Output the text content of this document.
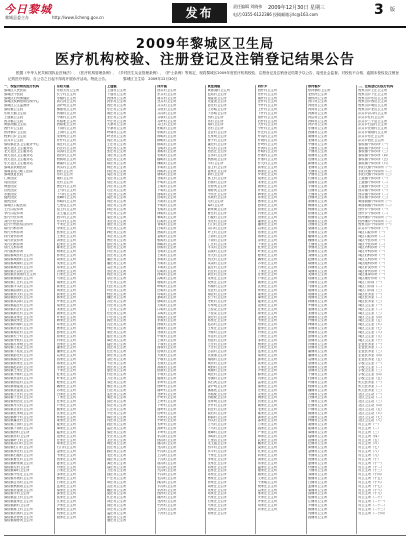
今日黎城
黎城县委主办	http://www.licheng.gov.cn	发布	责任编辑 刘晓伟
电话:0355-6122386 投稿邮箱:jrlc@163.com
2009年12月30日 星期三	3 版
2009年黎城区卫生局
医疗机构校验、注册登记及注销登记结果公告

根据《中华人民共和国执业医师法》、《医疗机构管理条例》、《乡村医生从业管理条例》、《护士条例》等规定，现将黎城区2009年度医疗机构校验、注册登记及注销登记结果予以公告，接受社会监督。对校验不合格、逾期未校验及注销登记的医疗机构，自公告之日起不得再开展诊疗活动。特此公告。　　　　黎城区卫生局　2009年12月30日

一、校验合格的医疗机构
黎城区人民医院
黎城区中医院
黎城区妇幼保健院
黎城区疾病预防控制中心
黎城区卫生监督所
黎侯镇卫生院
东阳关镇卫生院
上遥镇卫生院
西井镇卫生院
黄崖洞镇卫生院
西仵乡卫生院
停河铺乡卫生院
程家山乡卫生院
洪井乡卫生院
黎侯镇社区卫生服务中心
城关社区卫生服务站
北关社区卫生服务站
南关社区卫生服务站
西关社区卫生服务站
东关社区卫生服务站
黎城县铁路医院
黎城县电力职工医院
黎城康复医院
仁和医院
同济医院
博爱医院
济民医院
永康医院
健民医院
惠民医院
黎城区口腔医院
王氏口腔诊所
李氏口腔诊所
张氏中医诊所
刘氏中医诊所
赵氏中西医结合诊所
陈氏内科诊所
杨氏外科诊所
孙氏骨伤诊所
周氏针灸诊所
吴氏妇科诊所
郑氏儿科诊所
冯氏眼科诊所
黎侯镇城东村卫生所
黎侯镇城西村卫生所
黎侯镇城南村卫生所
黎侯镇城北村卫生所
黎侯镇古县村卫生所
黎侯镇北泉寨村卫生所
黎侯镇南陌村卫生所
黎侯镇仁庄村卫生所
黎侯镇平头村卫生所
黎侯镇清泉村卫生所
黎侯镇东关村卫生所
黎侯镇西关村卫生所
黎侯镇岚沟村卫生所
黎侯镇霞庄村卫生所
黎侯镇后庄村卫生所
黎侯镇新庄村卫生所
黎侯镇宋家庄卫生所
黎侯镇段家庄卫生所
黎侯镇河南村卫生所
黎侯镇北社村卫生所
黎侯镇南社村卫生所
黎侯镇长宁村卫生所
黎侯镇寺底村卫生所
黎侯镇苏家峧卫生所
黎侯镇上桂花卫生所
黎侯镇下桂花卫生所
黎侯镇彭庄村卫生所
黎侯镇源庄村卫生所
黎侯镇郭家庄卫生所
黎侯镇赵店村卫生所
黎侯镇王家庄卫生所
黎侯镇小寨村卫生所
黎侯镇东洼村卫生所
黎侯镇西洼村卫生所
黎侯镇南委泉卫生所
黎侯镇北委泉卫生所
黎侯镇上庄村卫生所
黎侯镇下庄村卫生所
黎侯镇柏官庄卫生所
黎侯镇车元村卫生所
黎侯镇正社村卫生所
黎侯镇孔家峧卫生所
黎侯镇桥子村卫生所
黎侯镇董北村卫生所
黎侯镇上湾村卫生所
黎侯镇下湾村卫生所
黎侯镇西村卫生所
黎侯镇东村卫生所
黎侯镇岭上村卫生所
黎侯镇沟口村卫生所
黎侯镇石门村卫生所
黎侯镇李庄村卫生所
黎侯镇石板村卫生所
黎侯镇曹庄村卫生所
黎侯镇靳家街卫生所
黎侯镇元村卫生所
黎侯镇谭村卫生所
黎侯镇小东庄卫生所
黎侯镇东坡村卫生所
黎侯镇吾乐村卫生所
黎侯镇秋树垣卫生所
黎侯镇北委泉卫生所
黎侯镇辛村卫生所
黎侯镇窑上村卫生所
黎侯镇崔家庄卫生所
黎侯镇新村卫生所
黎侯镇寨上村卫生所
黎侯镇后寨村卫生所
黎侯镇北停河卫生所
黎侯镇南停河卫生所
东阳关镇
东阳关村卫生所
长宁村卫生所
枣镇村卫生所
高石河卫生所
香炉峧卫生所
佛崖底卫生所
河南村卫生所
小寨村卫生所
东骆驼卫生所
西骆驼卫生所
下湾村卫生所
上湾村卫生所
吴家峧卫生所
仟仵村卫生所
前庄村卫生所
后庄村卫生所
岚沟村卫生所
看后村卫生所
秋树垣卫生所
靳曲村卫生所
河头村卫生所
西村卫生所
东村卫生所
南村卫生所
北村卫生所
曹庄村卫生所
上马村卫生所
下马村卫生所
宽嶂村卫生所
水峪村卫生所
七里店卫生所
窑上村卫生所
龙王庙卫生所
西平村卫生所
东平村卫生所
牛家庄卫生所
李家庄卫生所
张家庄卫生所
王家庄卫生所
刘家庄卫生所
赵家庄卫生所
陈家庄卫生所
杨家庄卫生所
孙家庄卫生所
周家庄卫生所
吴家庄卫生所
郑家庄卫生所
冯家庄卫生所
石家庄卫生所
马家庄卫生所
胡家庄卫生所
郭家庄卫生所
何家庄卫生所
高家庄卫生所
林家庄卫生所
罗家庄卫生所
梁家庄卫生所
宋家庄卫生所
唐家庄卫生所
许家庄卫生所
韩家庄卫生所
邓家庄卫生所
曹家庄卫生所
彭家庄卫生所
曾家庄卫生所
肖家庄卫生所
田家庄卫生所
董家庄卫生所
潘家庄卫生所
袁家庄卫生所
蔡家庄卫生所
蒋家庄卫生所
余家庄卫生所
于家庄卫生所
杜家庄卫生所
叶家庄卫生所
程家庄卫生所
魏家庄卫生所
苏家庄卫生所
吕家庄卫生所
丁家庄卫生所
任家庄卫生所
卢家庄卫生所
姚家庄卫生所
沈家庄卫生所
钟家庄卫生所
姜家庄卫生所
崔家庄卫生所
谭家庄卫生所
陆家庄卫生所
范家庄卫生所
汪家庄卫生所
廖家庄卫生所
石门村卫生所
金家庄卫生所
韦家庄卫生所
贾家庄卫生所
夏家庄卫生所
付家庄卫生所
方家庄卫生所
邹家庄卫生所
熊家庄卫生所
白家庄卫生所
孟家庄卫生所
秦家庄卫生所
邱家庄卫生所
侯家庄卫生所
江家庄卫生所
尹家庄卫生所
薛家庄卫生所
闫家庄卫生所
段家庄卫生所
上遥镇
上遥村卫生所
下遥村卫生所
河西村卫生所
河东村卫生所
西庄村卫生所
东庄村卫生所
南庄村卫生所
北庄村卫生所
中庄村卫生所
大寨村卫生所
小寨村卫生所
岭南村卫生所
岭北村卫生所
郭庄村卫生所
王庄村卫生所
李庄村卫生所
张庄村卫生所
刘庄村卫生所
赵庄村卫生所
陈庄村卫生所
杨庄村卫生所
孙庄村卫生所
周庄村卫生所
吴庄村卫生所
郑庄村卫生所
冯庄村卫生所
石庄村卫生所
马庄村卫生所
胡庄村卫生所
何庄村卫生所
高庄村卫生所
林庄村卫生所
罗庄村卫生所
梁庄村卫生所
宋庄村卫生所
唐庄村卫生所
许庄村卫生所
韩庄村卫生所
邓庄村卫生所
曹庄村卫生所
彭庄村卫生所
曾庄村卫生所
肖庄村卫生所
田庄村卫生所
董庄村卫生所
潘庄村卫生所
袁庄村卫生所
蔡庄村卫生所
蒋庄村卫生所
余庄村卫生所
于庄村卫生所
杜庄村卫生所
叶庄村卫生所
程庄村卫生所
魏庄村卫生所
苏庄村卫生所
吕庄村卫生所
丁庄村卫生所
任庄村卫生所
卢庄村卫生所
姚庄村卫生所
沈庄村卫生所
钟庄村卫生所
姜庄村卫生所
崔庄村卫生所
谭庄村卫生所
陆庄村卫生所
范庄村卫生所
汪庄村卫生所
廖庄村卫生所
金庄村卫生所
韦庄村卫生所
贾庄村卫生所
夏庄村卫生所
付庄村卫生所
方庄村卫生所
邹庄村卫生所
熊庄村卫生所
白庄村卫生所
孟庄村卫生所
秦庄村卫生所
邱庄村卫生所
侯庄村卫生所
江庄村卫生所
尹庄村卫生所
薛庄村卫生所
闫庄村卫生所
段庄村卫生所
雷庄村卫生所
黎庄村卫生所
史庄村卫生所
龙庄村卫生所
陶庄村卫生所
贺庄村卫生所
顾庄村卫生所
毛庄村卫生所
郝庄村卫生所
龚庄村卫生所
邵庄村卫生所
万庄村卫生所
钱庄村卫生所
严庄村卫生所
覃庄村卫生所
武庄村卫生所
戴庄村卫生所
莫庄村卫生所
孔庄村卫生所
向庄村卫生所
汤庄村卫生所
常庄村卫生所
温庄村卫生所
康庄村卫生所
施庄村卫生所
西井镇
西井村卫生所
东井村卫生所
南井村卫生所
北井村卫生所
井头村卫生所
井底村卫生所
井沟村卫生所
井坡村卫生所
井岭村卫生所
井庄村卫生所
柏峪村卫生所
松峪村卫生所
杨峪村卫生所
柳峪村卫生所
桃峪村卫生所
杏峪村卫生所
梨峪村卫生所
枣峪村卫生所
榆峪村卫生所
槐峪村卫生所
东峪村卫生所
西峪村卫生所
南峪村卫生所
北峪村卫生所
中峪村卫生所
上峪村卫生所
下峪村卫生所
前峪村卫生所
后峪村卫生所
大峪村卫生所
小峪村卫生所
长峪村卫生所
深峪村卫生所
黄峪村卫生所
红峪村卫生所
青峪村卫生所
白峪村卫生所
黑峪村卫生所
金峪村卫生所
银峪村卫生所
铜峪村卫生所
铁峪村卫生所
石峪村卫生所
土峪村卫生所
水峪村卫生所
火峪村卫生所
木峪村卫生所
山峪村卫生所
河峪村卫生所
沟峪村卫生所
坡峪村卫生所
岭峪村卫生所
庄峪村卫生所
村峪村卫生所
寨峪村卫生所
堡峪村卫生所
关峪村卫生所
口峪村卫生所
头峪村卫生所
底峪村卫生所
东坡村卫生所
西坡村卫生所
南坡村卫生所
北坡村卫生所
中坡村卫生所
上坡村卫生所
下坡村卫生所
前坡村卫生所
后坡村卫生所
大坡村卫生所
小坡村卫生所
长坡村卫生所
高坡村卫生所
低坡村卫生所
平坡村卫生所
陡坡村卫生所
东岭村卫生所
西岭村卫生所
南岭村卫生所
北岭村卫生所
中岭村卫生所
上岭村卫生所
下岭村卫生所
前岭村卫生所
后岭村卫生所
大岭村卫生所
小岭村卫生所
长岭村卫生所
高岭村卫生所
平岭村卫生所
东沟村卫生所
西沟村卫生所
南沟村卫生所
北沟村卫生所
中沟村卫生所
上沟村卫生所
下沟村卫生所
前沟村卫生所
后沟村卫生所
大沟村卫生所
小沟村卫生所
长沟村卫生所
深沟村卫生所
平沟村卫生所
东河村卫生所
西河村卫生所
南河村卫生所
北河村卫生所
中河村卫生所
上河村卫生所
下河村卫生所
黄崖洞镇
黄崖洞村卫生所
赵姑村卫生所
南委泉卫生所
北委泉卫生所
彭庄村卫生所
上赤峪卫生所
下赤峪卫生所
西村卫生所
东村卫生所
南村卫生所
北村卫生所
正社村卫生所
孔家峧卫生所
桥子村卫生所
董北村卫生所
车元村卫生所
柏官庄卫生所
吾乐村卫生所
秋树垣卫生所
辛村卫生所
窑上村卫生所
崔家庄卫生所
新村卫生所
寨上村卫生所
后寨村卫生所
北停河卫生所
南停河卫生所
小东庄卫生所
东坡村卫生所
元村卫生所
谭村卫生所
靳家街卫生所
曹庄村卫生所
石板村卫生所
李庄村卫生所
石门村卫生所
沟口村卫生所
岭上村卫生所
上湾村卫生所
下湾村卫生所
仁庄村卫生所
平头村卫生所
清泉村卫生所
东关村卫生所
西关村卫生所
岚沟村卫生所
霞庄村卫生所
后庄村卫生所
新庄村卫生所
宋家庄卫生所
段家庄卫生所
河南村卫生所
北社村卫生所
南社村卫生所
长宁村卫生所
寺底村卫生所
苏家峧卫生所
上桂花卫生所
下桂花卫生所
源庄村卫生所
郭家庄卫生所
赵店村卫生所
王家庄卫生所
小寨村卫生所
东洼村卫生所
西洼村卫生所
上庄村卫生所
下庄村卫生所
古县村卫生所
北泉寨卫生所
南陌村卫生所
城东村卫生所
城西村卫生所
城南村卫生所
城北村卫生所
枣镇村卫生所
高石河卫生所
香炉峧卫生所
佛崖底卫生所
东骆驼卫生所
西骆驼卫生所
吴家峧卫生所
仟仵村卫生所
前庄村卫生所
看后村卫生所
靳曲村卫生所
河头村卫生所
上马村卫生所
下马村卫生所
宽嶂村卫生所
水峪村卫生所
七里店卫生所
龙王庙卫生所
西平村卫生所
东平村卫生所
牛家庄卫生所
李家庄卫生所
张家庄卫生所
刘家庄卫生所
赵家庄卫生所
陈家庄卫生所
杨家庄卫生所
孙家庄卫生所
周家庄卫生所
吴家庄卫生所
郑家庄卫生所
冯家庄卫生所
石家庄卫生所
马家庄卫生所
胡家庄卫生所
何家庄卫生所
西仵乡
西仵村卫生所
东仵村卫生所
南仵村卫生所
北仵村卫生所
中仵村卫生所
上仵村卫生所
下仵村卫生所
前仵村卫生所
后仵村卫生所
大仵村卫生所
小仵村卫生所
仵庄村卫生所
仵沟村卫生所
仵坡村卫生所
仵岭村卫生所
仵河村卫生所
仵峪村卫生所
仵寨村卫生所
仵堡村卫生所
仵关村卫生所
高家庄卫生所
林家庄卫生所
罗家庄卫生所
梁家庄卫生所
宋家庄卫生所
唐家庄卫生所
许家庄卫生所
韩家庄卫生所
邓家庄卫生所
曹家庄卫生所
彭家庄卫生所
曾家庄卫生所
肖家庄卫生所
田家庄卫生所
董家庄卫生所
潘家庄卫生所
袁家庄卫生所
蔡家庄卫生所
蒋家庄卫生所
余家庄卫生所
于家庄卫生所
杜家庄卫生所
叶家庄卫生所
程家庄卫生所
魏家庄卫生所
苏家庄卫生所
吕家庄卫生所
丁家庄卫生所
任家庄卫生所
卢家庄卫生所
姚家庄卫生所
沈家庄卫生所
钟家庄卫生所
姜家庄卫生所
谭家庄卫生所
陆家庄卫生所
范家庄卫生所
汪家庄卫生所
廖家庄卫生所
金家庄卫生所
韦家庄卫生所
贾家庄卫生所
夏家庄卫生所
付家庄卫生所
方家庄卫生所
邹家庄卫生所
熊家庄卫生所
白家庄卫生所
孟家庄卫生所
秦家庄卫生所
邱家庄卫生所
侯家庄卫生所
江家庄卫生所
尹家庄卫生所
薛家庄卫生所
闫家庄卫生所
雷家庄卫生所
黎家庄卫生所
史家庄卫生所
龙家庄卫生所
陶家庄卫生所
贺家庄卫生所
顾家庄卫生所
毛家庄卫生所
郝家庄卫生所
龚家庄卫生所
邵家庄卫生所
万家庄卫生所
钱家庄卫生所
严家庄卫生所
覃家庄卫生所
武家庄卫生所
戴家庄卫生所
莫家庄卫生所
孔家庄卫生所
向家庄卫生所
汤家庄卫生所
常家庄卫生所
温家庄卫生所
康家庄卫生所
施家庄卫生所
文家庄卫生所
牛家峪卫生所
樊家庄卫生所
葛家庄卫生所
邢家庄卫生所
安家庄卫生所
齐家庄卫生所
易家庄卫生所
乔家庄卫生所
停河铺乡
停河铺村卫生所
北停河卫生所
南停河卫生所
河口村卫生所
河堤村卫生所
河湾村卫生所
河滩村卫生所
河沿村卫生所
河畔村卫生所
河岸村卫生所
东铺村卫生所
西铺村卫生所
南铺村卫生所
北铺村卫生所
中铺村卫生所
上铺村卫生所
下铺村卫生所
前铺村卫生所
后铺村卫生所
新铺村卫生所
老铺村卫生所
大铺村卫生所
小铺村卫生所
长铺村卫生所
高铺村卫生所
平铺村卫生所
石铺村卫生所
土铺村卫生所
沙铺村卫生所
泉铺村卫生所
柳铺村卫生所
杨铺村卫生所
松铺村卫生所
柏铺村卫生所
桃铺村卫生所
杏铺村卫生所
梨铺村卫生所
枣铺村卫生所
榆铺村卫生所
槐铺村卫生所
王铺村卫生所
李铺村卫生所
张铺村卫生所
刘铺村卫生所
赵铺村卫生所
陈铺村卫生所
孙铺村卫生所
周铺村卫生所
吴铺村卫生所
郑铺村卫生所
冯铺村卫生所
马铺村卫生所
胡铺村卫生所
郭铺村卫生所
何铺村卫生所
林铺村卫生所
罗铺村卫生所
梁铺村卫生所
宋铺村卫生所
唐铺村卫生所
许铺村卫生所
韩铺村卫生所
邓铺村卫生所
曹铺村卫生所
彭铺村卫生所
曾铺村卫生所
肖铺村卫生所
田铺村卫生所
董铺村卫生所
潘铺村卫生所
袁铺村卫生所
蔡铺村卫生所
蒋铺村卫生所
余铺村卫生所
于铺村卫生所
杜铺村卫生所
叶铺村卫生所
程铺村卫生所
魏铺村卫生所
苏铺村卫生所
吕铺村卫生所
丁铺村卫生所
任铺村卫生所
卢铺村卫生所
姚铺村卫生所
沈铺村卫生所
钟铺村卫生所
姜铺村卫生所
崔铺村卫生所
谭铺村卫生所
陆铺村卫生所
范铺村卫生所
汪铺村卫生所
廖铺村卫生所
金铺村卫生所
韦铺村卫生所
贾铺村卫生所
夏铺村卫生所
付铺村卫生所
方铺村卫生所
邹铺村卫生所
熊铺村卫生所
白铺村卫生所
孟铺村卫生所
秦铺村卫生所
邱铺村卫生所
侯铺村卫生所
江铺村卫生所
尹铺村卫生所
薛铺村卫生所
闫铺村卫生所
段铺村卫生所
二、注销登记的医疗机构
程家山乡上庄卫生所
程家山乡下庄卫生所
程家山乡东山卫生所
程家山乡西山卫生所
程家山乡南山卫生所
程家山乡北山卫生所
洪井乡洪井村卫生所
洪井乡孔村卫生所
洪井乡三十亩卫生所
洪井乡石窑村卫生所
洪井乡北坡村卫生所
洪井乡南坡村卫生所
洪井乡东庄卫生所
洪井乡西庄卫生所
黎侯镇个体诊所（一）
黎侯镇个体诊所（二）
黎侯镇个体诊所（三）
黎侯镇个体诊所（四）
黎侯镇个体诊所（五）
黎侯镇个体诊所（六）
东阳关镇个体诊所（一）
东阳关镇个体诊所（二）
东阳关镇个体诊所（三）
上遥镇个体诊所（一）
上遥镇个体诊所（二）
上遥镇个体诊所（三）
西井镇个体诊所（一）
西井镇个体诊所（二）
西井镇个体诊所（三）
黄崖洞镇个体诊所（一）
黄崖洞镇个体诊所（二）
西仵乡个体诊所（一）
西仵乡个体诊所（二）
停河铺乡个体诊所（一）
停河铺乡个体诊所（二）
程家山乡个体诊所（一）
洪井乡个体诊所（一）
城区口腔诊所（一）
城区口腔诊所（二）
城区中医诊所（一）
城区中医诊所（二）
城区内科诊所（一）
城区外科诊所（一）
城区妇科诊所（一）
城区儿科诊所（一）
城区眼科诊所（一）
城区针灸诊所（一）
城区骨伤诊所（一）
城区推拿诊所（一）
城区理疗诊所（一）
城区门诊部（一）
城区门诊部（二）
城区门诊部（三）
城区医务室（一）
城区医务室（二）
城区医务室（三）
城区卫生室（一）
城区卫生室（二）
城区卫生室（三）
城区卫生室（四）
城区卫生室（五）
城区卫生室（六）
城区卫生室（七）
城区卫生室（八）
城区卫生室（九）
城区卫生室（十）
企业医务室（一）
企业医务室（二）
企业医务室（三）
企业医务室（四）
企业医务室（五）
学校卫生室（一）
学校卫生室（二）
学校卫生室（三）
学校卫生室（四）
学校卫生室（五）
机关医务室（一）
机关医务室（二）
机关医务室（三）
社区卫生站（一）
社区卫生站（二）
社区卫生站（三）
社区卫生站（四）
社区卫生站（五）
社区卫生站（六）
社区卫生站（七）
社区卫生站（八）
村卫生所（一）
村卫生所（二）
村卫生所（三）
村卫生所（四）
村卫生所（五）
村卫生所（六）
村卫生所（七）
村卫生所（八）
村卫生所（九）
村卫生所（十）
村卫生所（十一）
村卫生所（十二）
村卫生所（十三）
村卫生所（十四）
村卫生所（十五）
村卫生所（十六）
村卫生所（十七）
村卫生所（十八）
村卫生所（十九）
村卫生所（二十）
村卫生所（二十一）
村卫生所（二十二）
村卫生所（二十三）
村卫生所（二十四）
